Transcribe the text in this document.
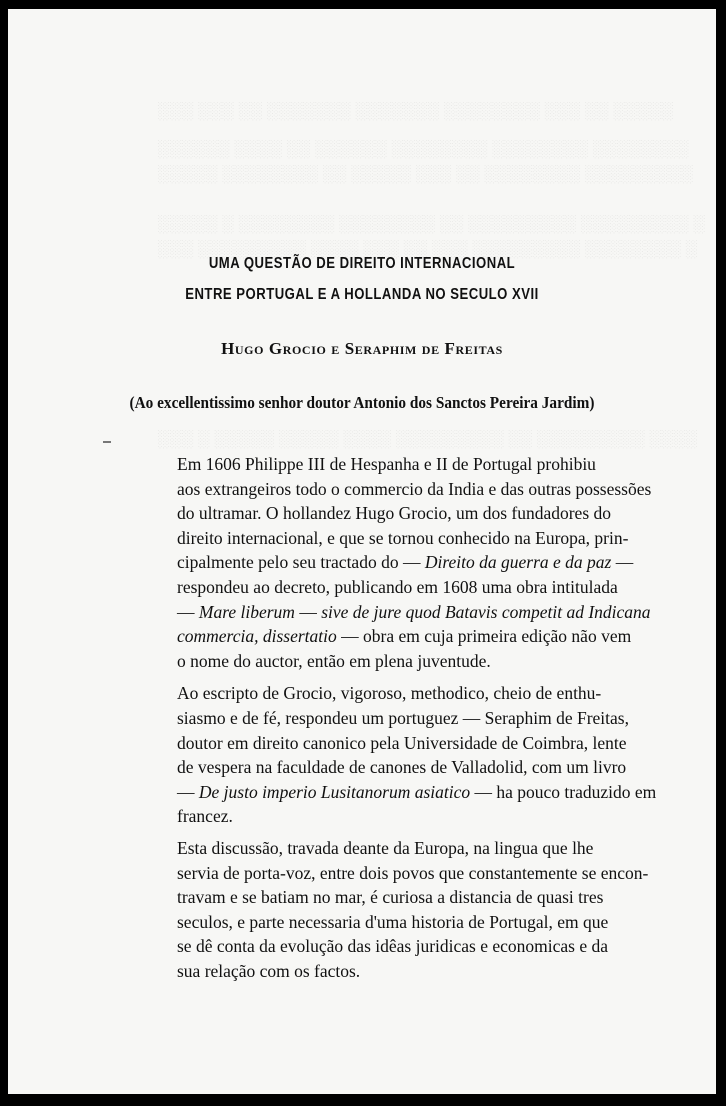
░░░░░ ░░ ░░░ ░░░░░░░░ ░░░░░░░ ░░░░░░░ ░░ ░░░ ░░░
░░░░░░░░ ░░░░░░░░ ░░░░░░░░ ░░░░░░ ░░ ░░░░ ░░░░░░
░░░░░░░░░ ░░░░░░░░ ░░ ░░░ ░░░░░ ░░ ░░░░░░░░ ░░░░░
░ ░░░░░░░░░ ░░░░░░░░░ ░░ ░░░░░░░░ ░░░░░░░░ ░ ░░░░░
░ ░░░░░░░░ ░░░░░░░░░ ░░░ ░░ ░░░ ░░░░ ░░░░░░░░░ ░░░
░░░░ ░░░░░░░░░ ░░ ░░░░░░░░░ ░░░░ ░░░░░ ░░░░░ ░ ░░░
UMA QUESTÃO DE DIREITO INTERNACIONAL
ENTRE PORTUGAL E A HOLLANDA NO SECULO XVII
Hugo Grocio e Seraphim de Freitas
(Ao excellentissimo senhor doutor Antonio dos Sanctos Pereira Jardim)

Em 1606 Philippe III de Hespanha e II de Portugal prohibiu
aos extrangeiros todo o commercio da India e das outras possessões
do ultramar. O hollandez Hugo Grocio, um dos fundadores do
direito internacional, e que se tornou conhecido na Europa, prin-
cipalmente pelo seu tractado do — Direito da guerra e da paz —
respondeu ao decreto, publicando em 1608 uma obra intitulada
— Mare liberum — sive de jure quod Batavis competit ad Indicana
commercia, dissertatio — obra em cuja primeira edição não vem
o nome do auctor, então em plena juventude.

Ao escripto de Grocio, vigoroso, methodico, cheio de enthu-
siasmo e de fé, respondeu um portuguez — Seraphim de Freitas,
doutor em direito canonico pela Universidade de Coimbra, lente
de vespera na faculdade de canones de Valladolid, com um livro
— De justo imperio Lusitanorum asiatico — ha pouco traduzido em
francez.

Esta discussão, travada deante da Europa, na lingua que lhe
servia de porta-voz, entre dois povos que constantemente se encon-
travam e se batiam no mar, é curiosa a distancia de quasi tres
seculos, e parte necessaria d'uma historia de Portugal, em que
se dê conta da evolução das idêas juridicas e economicas e da
sua relação com os factos.
